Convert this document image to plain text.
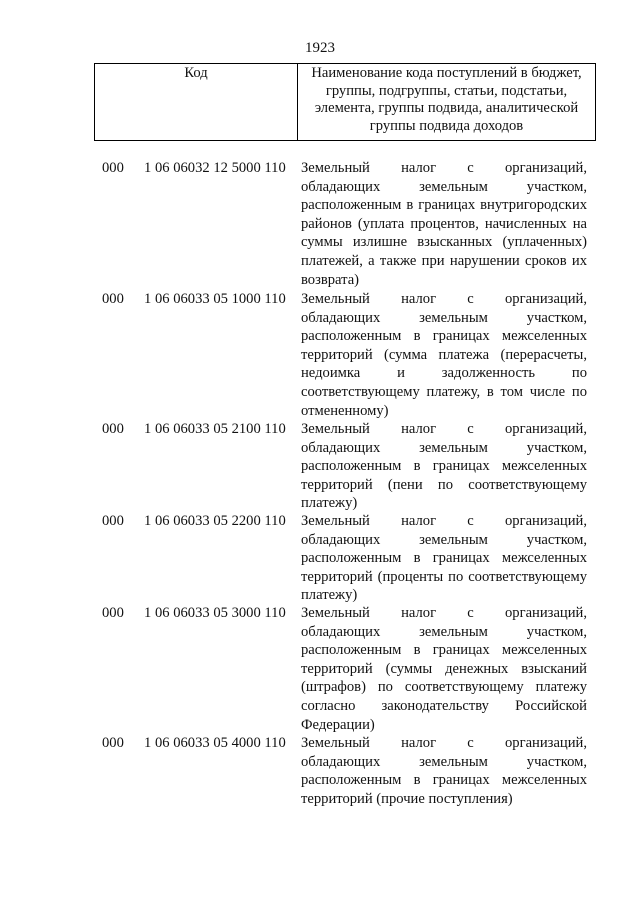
1923
Код	Наименование кода поступлений в бюджет, группы, подгруппы, статьи, подстатьи, элемента, группы подвида, аналитической группы подвида доходов
000 1 06 06032 12 5000 110 Земельный налог с организаций, обладающих земельным участком, расположенным в границах внутригородских районов (уплата процентов, начисленных на суммы излишне взысканных (уплаченных) платежей, а также при нарушении сроков их возврата)
000 1 06 06033 05 1000 110 Земельный налог с организаций, обладающих земельным участком, расположенным в границах межселенных территорий (сумма платежа (перерасчеты, недоимка и задолженность по соответствующему платежу, в том числе по отмененному)
000 1 06 06033 05 2100 110 Земельный налог с организаций, обладающих земельным участком, расположенным в границах межселенных территорий (пени по соответствующему платежу)
000 1 06 06033 05 2200 110 Земельный налог с организаций, обладающих земельным участком, расположенным в границах межселенных территорий (проценты по соответствующему платежу)
000 1 06 06033 05 3000 110 Земельный налог с организаций, обладающих земельным участком, расположенным в границах межселенных территорий (суммы денежных взысканий (штрафов) по соответствующему платежу согласно законодательству Российской Федерации)
000 1 06 06033 05 4000 110 Земельный налог с организаций, обладающих земельным участком, расположенным в границах межселенных территорий (прочие поступления)
